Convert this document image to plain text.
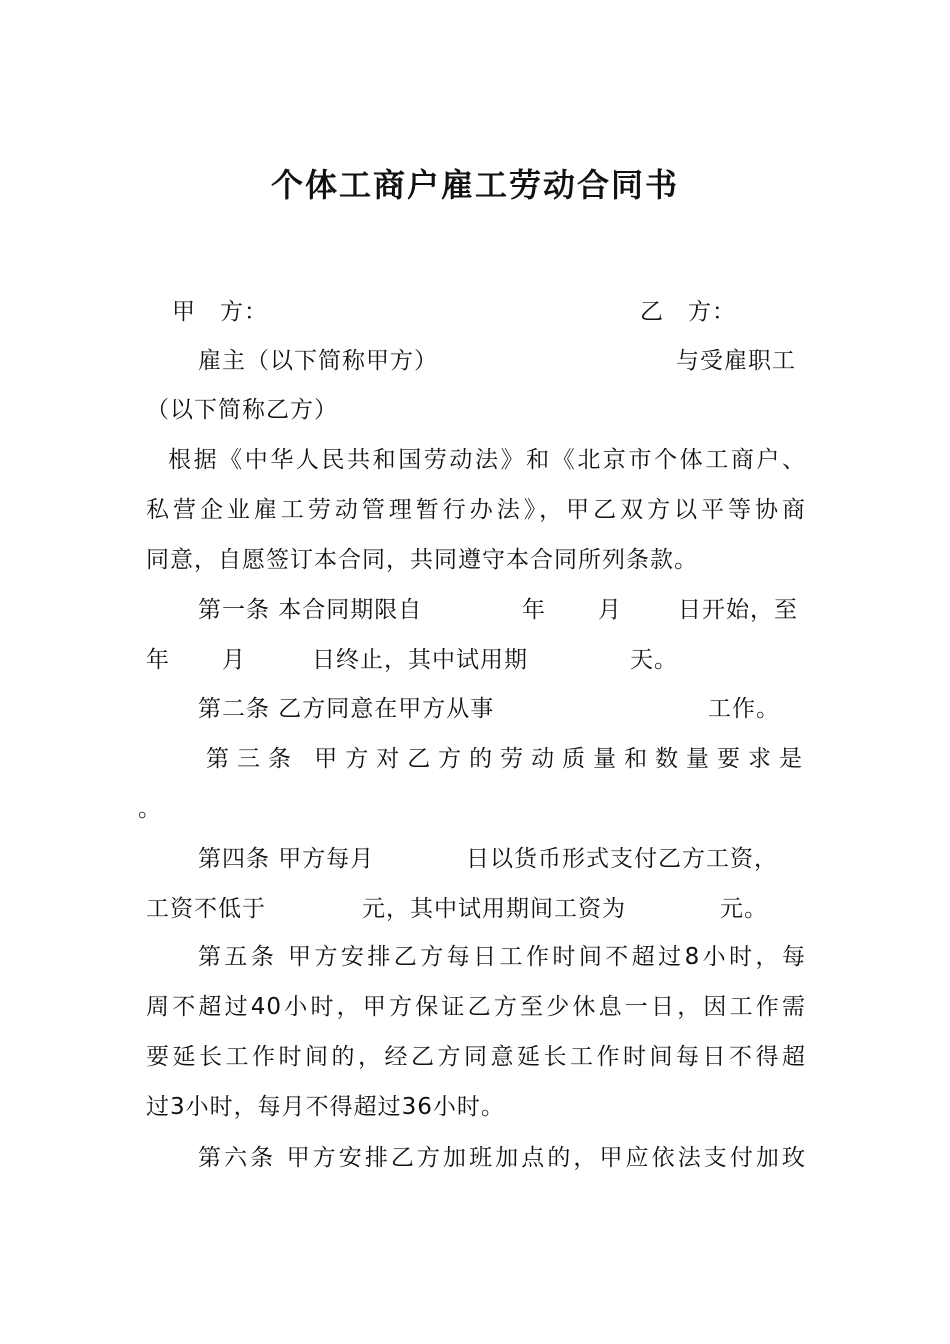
个体工商户雇工劳动合同书
甲　方：	乙　方：
雇主（以下简称甲方）	与受雇职工
（以下简称乙方）
根据《中华人民共和国劳动法》和《北京市个体工商户、
私营企业雇工劳动管理暂行办法》，甲乙双方以平等协商
同意，自愿签订本合同，共同遵守本合同所列条款。
第一条 本合同期限自	年 月 日开始，至
年 月	日终止，其中试用期	天。
第二条 乙方同意在甲方从事	工作。
第三条 甲方对乙方的劳动质量和数量要求是
。
第四条 甲方每月	日以货币形式支付乙方工资，
工资不低于	元，其中试用期间工资为	元。
第五条 甲方安排乙方每日工作时间不超过8小时，每
周不超过40小时，甲方保证乙方至少休息一日，因工作需
要延长工作时间的，经乙方同意延长工作时间每日不得超
过3小时，每月不得超过36小时。
第六条 甲方安排乙方加班加点的，甲应依法支付加玫
